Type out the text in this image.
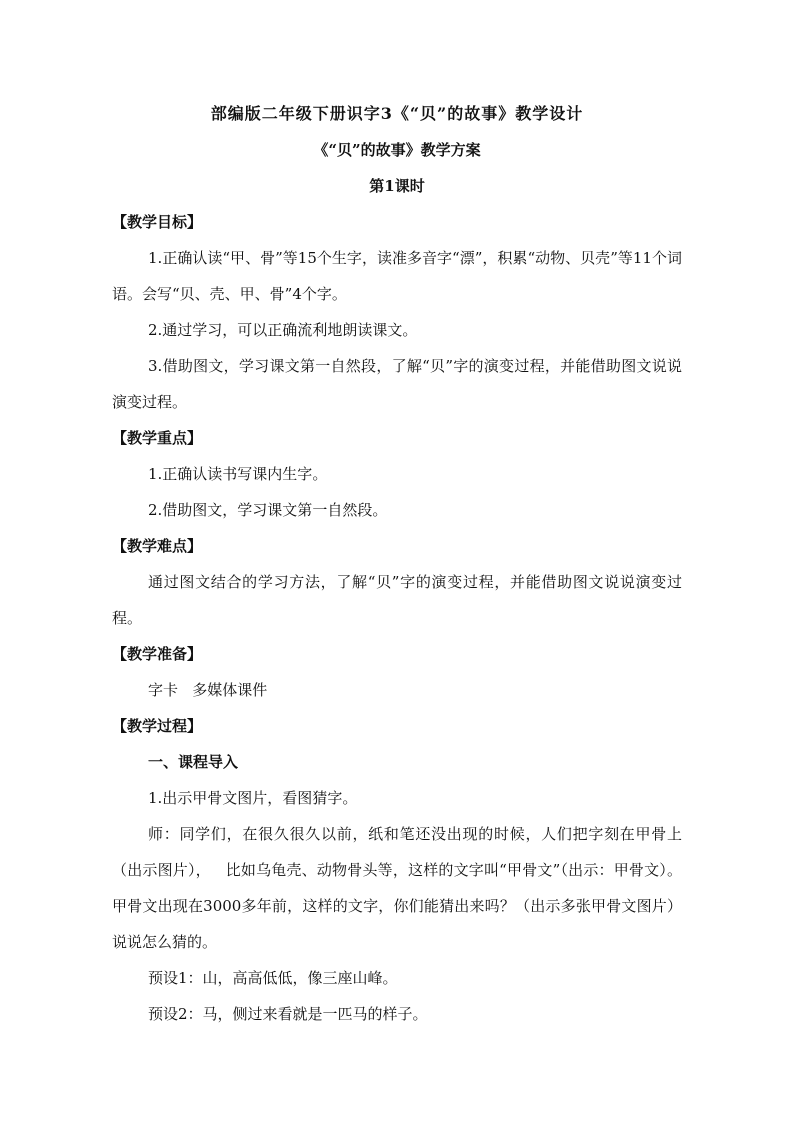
部编版二年级下册识字3《“贝”的故事》教学设计
《“贝”的故事》教学方案
第1课时
【教学目标】
1.正确认读“甲、骨”等15个生字，读准多音字“漂”，积累“动物、贝壳”等11个词语。会写“贝、壳、甲、骨”4个字。
2.通过学习，可以正确流利地朗读课文。
3.借助图文，学习课文第一自然段，了解“贝”字的演变过程，并能借助图文说说演变过程。
【教学重点】
1.正确认读书写课内生字。
2.借助图文，学习课文第一自然段。
【教学难点】
通过图文结合的学习方法，了解“贝”字的演变过程，并能借助图文说说演变过程。
【教学准备】
字卡   多媒体课件
【教学过程】
一、课程导入
1.出示甲骨文图片，看图猜字。
师：同学们，在很久很久以前，纸和笔还没出现的时候，人们把字刻在甲骨上（出示图片），   比如乌龟壳、动物骨头等，这样的文字叫“甲骨文”（出示：甲骨文）。甲骨文出现在3000多年前，这样的文字，你们能猜出来吗？（出示多张甲骨文图片）说说怎么猜的。
预设1：山，高高低低，像三座山峰。
预设2：马，侧过来看就是一匹马的样子。
